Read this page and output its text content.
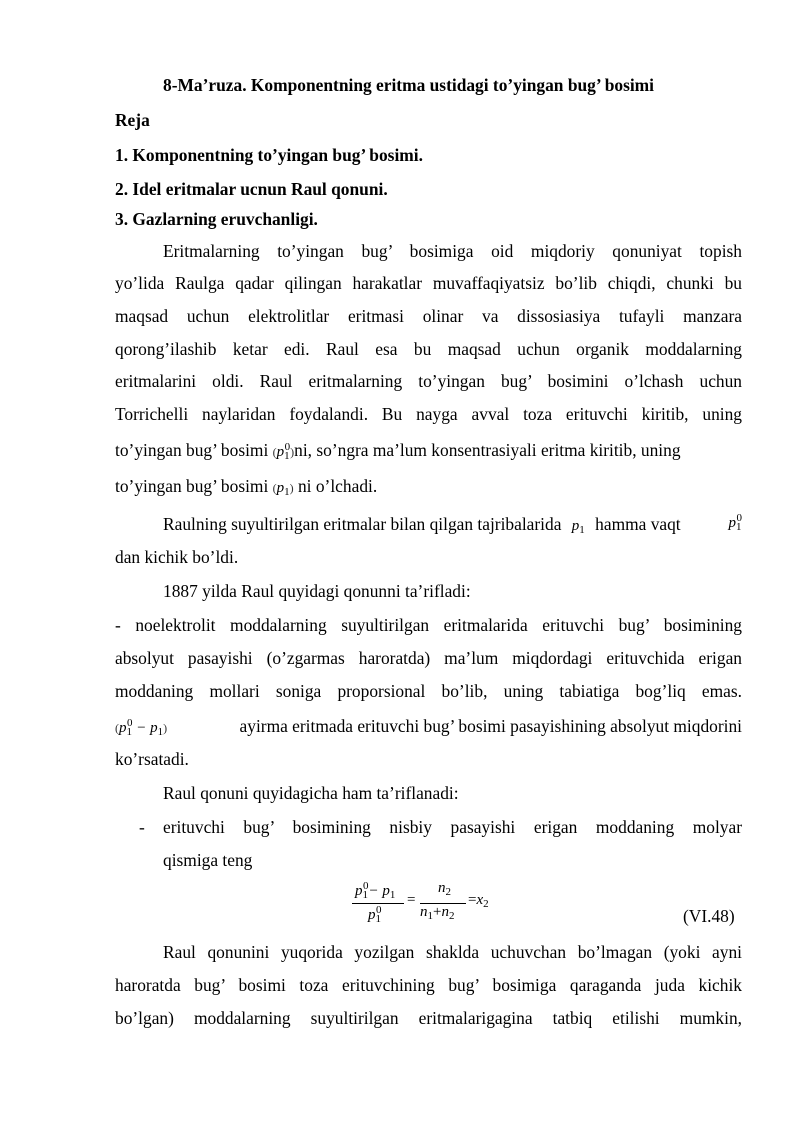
8-Ma’ruza. Komponentning eritma ustidagi to’yingan bug’ bosimi
Reja
1. Komponentning to’yingan bug’ bosimi.
2. Idel eritmalar ucnun Raul qonuni.
3. Gazlarning eruvchanligi.
Eritmalarning to’yingan bug’ bosimiga oid miqdoriy qonuniyat topish
yo’lida Raulga qadar qilingan harakatlar muvaffaqiyatsiz bo’lib chiqdi, chunki bu
maqsad uchun elektrolitlar eritmasi olinar va dissosiasiya tufayli manzara
qorong’ilashib ketar edi. Raul esa bu maqsad uchun organik moddalarning
eritmalarini oldi. Raul eritmalarning to’yingan bug’ bosimini o’lchash uchun
Torrichelli naylaridan foydalandi. Bu nayga avval toza erituvchi kiritib, uning
to’yingan bug’ bosimi $(p_1^0)ni$, so’ngra ma’lum konsentrasiyali eritma kiritib, uning
to’yingan bug’ bosimi $(p_1)$ ni o’lchadi.
Raulning suyultirilgan eritmalar bilan qilgan tajribalarida $p_1$ hamma vaqt	$p_1^0$
dan kichik bo’ldi.
1887 yilda Raul quyidagi qonunni ta’rifladi:
- noelektrolit moddalarning suyultirilgan eritmalarida erituvchi bug’ bosimining
absolyut pasayishi (o’zgarmas haroratda) ma’lum miqdordagi erituvchida erigan
moddaning mollari soniga proporsional bo’lib, uning tabiatiga bog’liq emas.
$(p_1^0 - p_1)$	ayirma eritmada erituvchi bug’ bosimi pasayishining absolyut miqdorini
ko’rsatadi.
Raul qonuni quyidagicha ham ta’riflanadi:
- erituvchi bug’ bosimining nisbiy pasayishi erigan moddaning molyar
qismiga teng
$p_1^0- p_1$
$p_1^0$
=
$n_2$
$n_1+n_2$
$=x_2$
(VI.48)
Raul qonunini yuqorida yozilgan shaklda uchuvchan bo’lmagan (yoki ayni
haroratda bug’ bosimi toza erituvchining bug’ bosimiga qaraganda juda kichik
bo’lgan) moddalarning suyultirilgan eritmalarigagina tatbiq etilishi mumkin,
